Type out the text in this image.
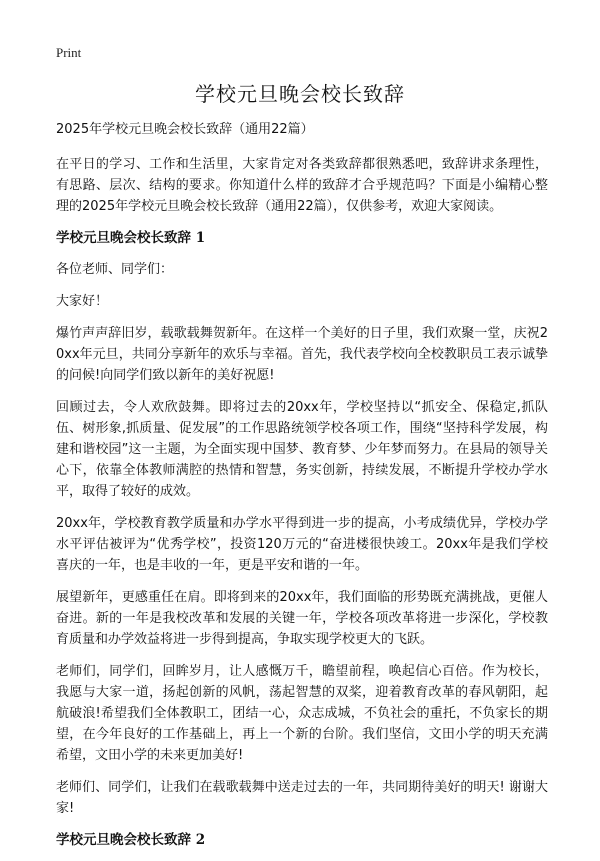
Print
学校元旦晚会校长致辞
2025年学校元旦晚会校长致辞（通用22篇）

在平日的学习、工作和生活里，大家肯定对各类致辞都很熟悉吧，致辞讲求条理性，有思路、层次、结构的要求。你知道什么样的致辞才合乎规范吗？下面是小编精心整理的2025年学校元旦晚会校长致辞（通用22篇），仅供参考，欢迎大家阅读。

学校元旦晚会校长致辞 1

各位老师、同学们：

大家好！

爆竹声声辞旧岁，载歌载舞贺新年。在这样一个美好的日子里，我们欢聚一堂，庆祝20xx年元旦，共同分享新年的欢乐与幸福。首先，我代表学校向全校教职员工表示诚挚的问候!向同学们致以新年的美好祝愿!

回顾过去，令人欢欣鼓舞。即将过去的20xx年，学校坚持以“抓安全、保稳定,抓队伍、树形象,抓质量、促发展”的工作思路统领学校各项工作，围绕“坚持科学发展，构建和谐校园”这一主题，为全面实现中国梦、教育梦、少年梦而努力。在县局的领导关心下，依靠全体教师满腔的热情和智慧，务实创新，持续发展，不断提升学校办学水平，取得了较好的成效。

20xx年，学校教育教学质量和办学水平得到进一步的提高，小考成绩优异，学校办学水平评估被评为“优秀学校”，投资120万元的“奋进楼很快竣工。20xx年是我们学校喜庆的一年，也是丰收的一年，更是平安和谐的一年。

展望新年，更感重任在肩。即将到来的20xx年，我们面临的形势既充满挑战，更催人奋进。新的一年是我校改革和发展的关键一年，学校各项改革将进一步深化，学校教育质量和办学效益将进一步得到提高，争取实现学校更大的飞跃。

老师们，同学们，回眸岁月，让人感慨万千，瞻望前程，唤起信心百倍。作为校长，我愿与大家一道，扬起创新的风帆，荡起智慧的双桨，迎着教育改革的春风朝阳，起航破浪!希望我们全体教职工，团结一心，众志成城，不负社会的重托，不负家长的期望，在今年良好的工作基础上，再上一个新的台阶。我们坚信，文田小学的明天充满希望，文田小学的未来更加美好!

老师们、同学们，让我们在载歌载舞中送走过去的一年，共同期待美好的明天! 谢谢大家!

学校元旦晚会校长致辞 2
